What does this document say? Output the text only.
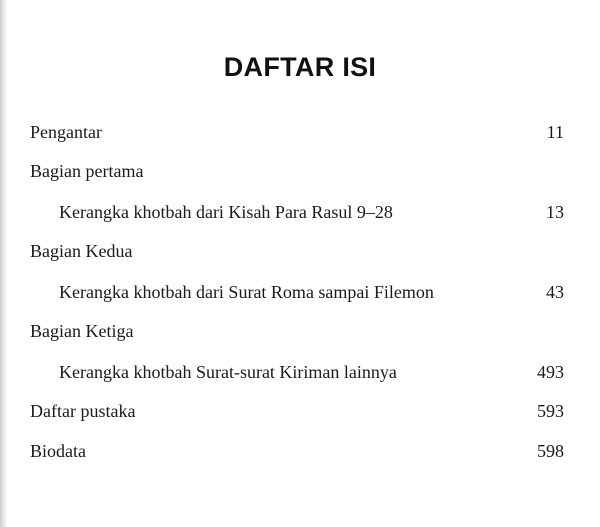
DAFTAR ISI
Pengantar	11
Bagian pertama
Kerangka khotbah dari Kisah Para Rasul 9–28	13
Bagian Kedua
Kerangka khotbah dari Surat Roma sampai Filemon	43
Bagian Ketiga
Kerangka khotbah Surat-surat Kiriman lainnya	493
Daftar pustaka	593
Biodata	598
